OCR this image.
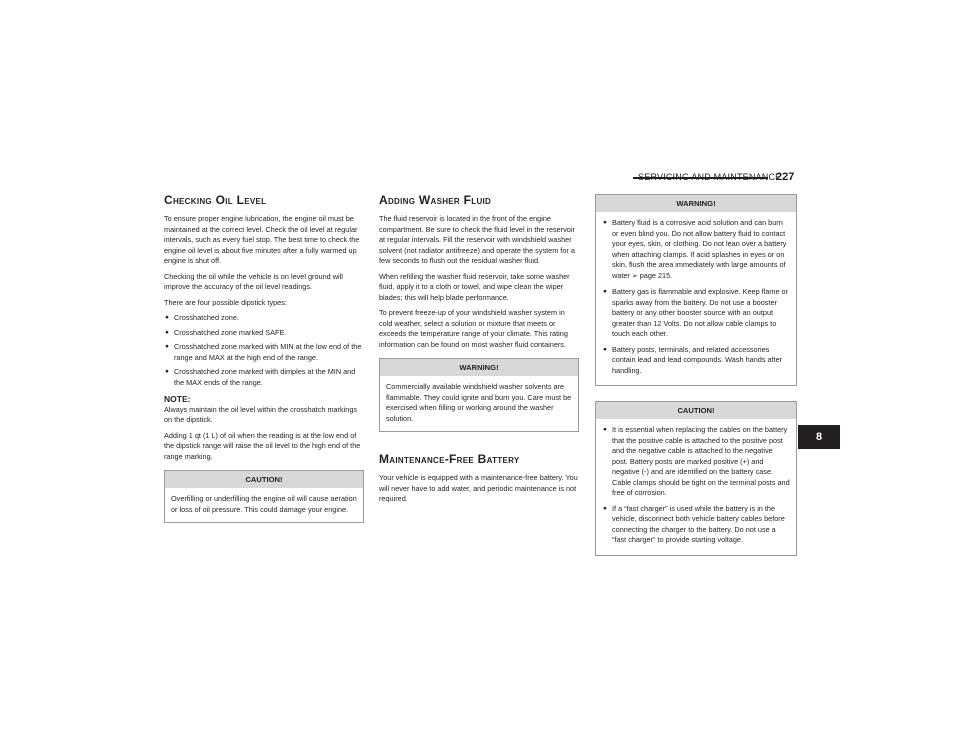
SERVICING AND MAINTENANCE
227
Checking Oil Level

To ensure proper engine lubrication, the engine oil must be maintained at the correct level. Check the oil level at regular intervals, such as every fuel stop. The best time to check the engine oil level is about five minutes after a fully warmed up engine is shut off.

Checking the oil while the vehicle is on level ground will improve the accuracy of the oil level readings.

There are four possible dipstick types:

● Crosshatched zone.
● Crosshatched zone marked SAFE.
● Crosshatched zone marked with MIN at the low end of the range and MAX at the high end of the range.
● Crosshatched zone marked with dimples at the MIN and the MAX ends of the range.

NOTE:

Always maintain the oil level within the crosshatch markings on the dipstick.

Adding 1 qt (1 L) of oil when the reading is at the low end of the dipstick range will raise the oil level to the high end of the range marking.

CAUTION!

Overfilling or underfilling the engine oil will cause aeration or loss of oil pressure. This could damage your engine.

Adding Washer Fluid

The fluid reservoir is located in the front of the engine compartment. Be sure to check the fluid level in the reservoir at regular intervals. Fill the reservoir with windshield washer solvent (not radiator antifreeze) and operate the system for a few seconds to flush out the residual washer fluid.

When refilling the washer fluid reservoir, take some washer fluid, apply it to a cloth or towel, and wipe clean the wiper blades; this will help blade performance.

To prevent freeze-up of your windshield washer system in cold weather, select a solution or mixture that meets or exceeds the temperature range of your climate. This rating information can be found on most washer fluid containers.

WARNING!

Commercially available windshield washer solvents are flammable. They could ignite and burn you. Care must be exercised when filling or working around the washer solution.

Maintenance-Free Battery

Your vehicle is equipped with a maintenance-free battery. You will never have to add water, and periodic maintenance is not required.

WARNING!
● Battery fluid is a corrosive acid solution and can burn or even blind you. Do not allow battery fluid to contact your eyes, skin, or clothing. Do not lean over a battery when attaching clamps. If acid splashes in eyes or on skin, flush the area immediately with large amounts of water ➢ page 215.
● Battery gas is flammable and explosive. Keep flame or sparks away from the battery. Do not use a booster battery or any other booster source with an output greater than 12 Volts. Do not allow cable clamps to touch each other.
● Battery posts, terminals, and related accessories contain lead and lead compounds. Wash hands after handling.
CAUTION!
● It is essential when replacing the cables on the battery that the positive cable is attached to the positive post and the negative cable is attached to the negative post. Battery posts are marked positive (+) and negative (-) and are identified on the battery case. Cable clamps should be tight on the terminal posts and free of corrosion.
● If a “fast charger” is used while the battery is in the vehicle, disconnect both vehicle battery cables before connecting the charger to the battery. Do not use a “fast charger” to provide starting voltage.
8
